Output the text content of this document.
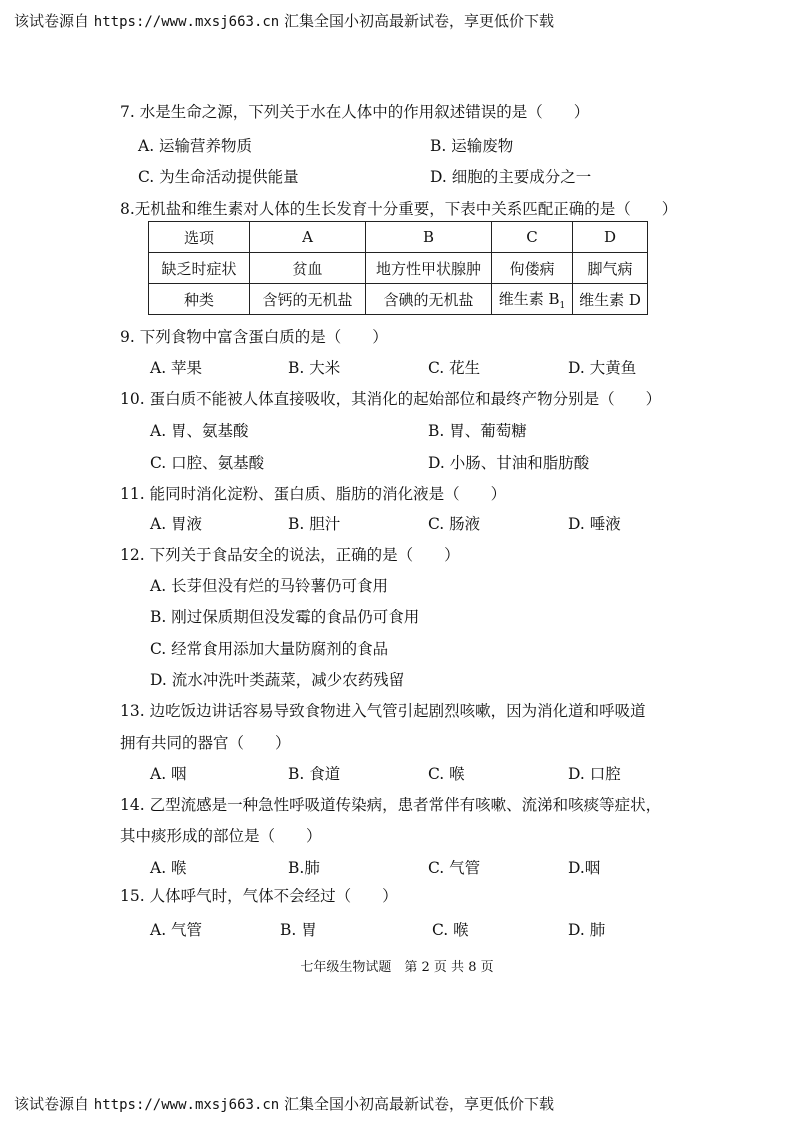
该试卷源自 https://www.mxsj663.cn 汇集全国小初高最新试卷，享更低价下载
7. 水是生命之源，下列关于水在人体中的作用叙述错误的是（　　）
A. 运输营养物质	B. 运输废物
C. 为生命活动提供能量	D. 细胞的主要成分之一
8.无机盐和维生素对人体的生长发育十分重要，下表中关系匹配正确的是（　　）
选项	A	B	C	D
缺乏时症状	贫血	地方性甲状腺肿	佝偻病	脚气病
种类	含钙的无机盐	含碘的无机盐	维生素 $B_1$	维生素 D
9. 下列食物中富含蛋白质的是（　　）
A. 苹果	B. 大米	C. 花生	D. 大黄鱼
10. 蛋白质不能被人体直接吸收，其消化的起始部位和最终产物分别是（　　）
A. 胃、氨基酸	B. 胃、葡萄糖
C. 口腔、氨基酸	D. 小肠、甘油和脂肪酸
11. 能同时消化淀粉、蛋白质、脂肪的消化液是（　　）
A. 胃液	B. 胆汁	C. 肠液	D. 唾液
12. 下列关于食品安全的说法，正确的是（　　）
A. 长芽但没有烂的马铃薯仍可食用
B. 刚过保质期但没发霉的食品仍可食用
C. 经常食用添加大量防腐剂的食品
D. 流水冲洗叶类蔬菜，减少农药残留
13. 边吃饭边讲话容易导致食物进入气管引起剧烈咳嗽，因为消化道和呼吸道
拥有共同的器官（　　）
A. 咽	B. 食道	C. 喉	D. 口腔
14. 乙型流感是一种急性呼吸道传染病，患者常伴有咳嗽、流涕和咳痰等症状，
其中痰形成的部位是（　　）
A. 喉	B.肺	C. 气管	D.咽
15. 人体呼气时，气体不会经过（　　）
A. 气管	B. 胃	C. 喉	D. 肺
七年级生物试题　第 2 页 共 8 页
该试卷源自 https://www.mxsj663.cn 汇集全国小初高最新试卷，享更低价下载
